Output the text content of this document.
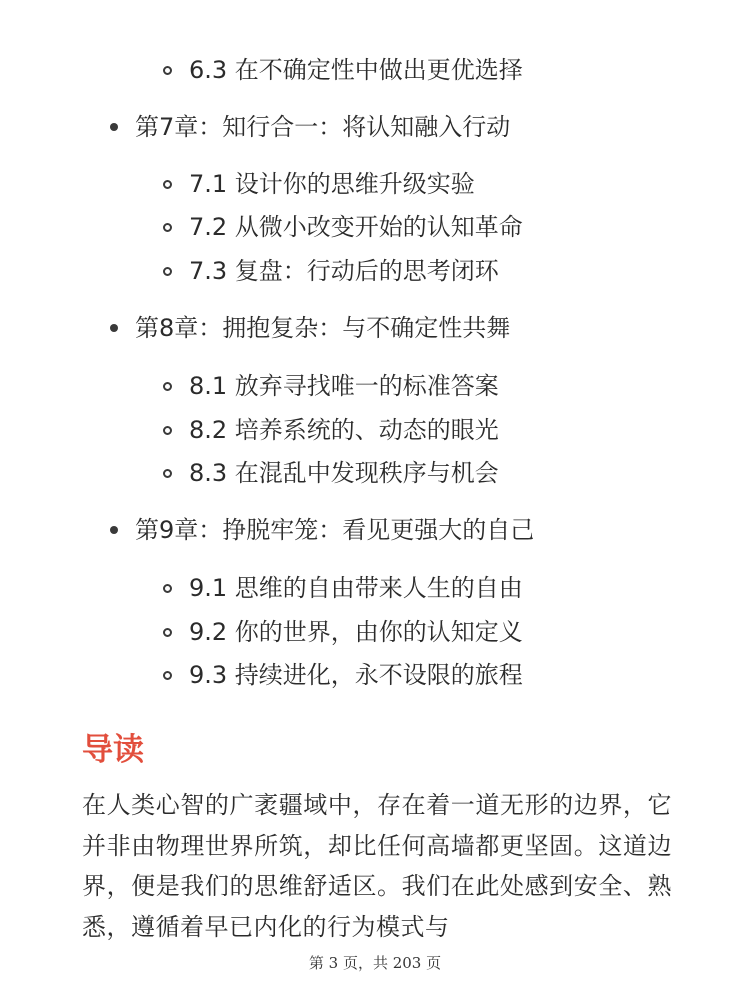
6.3 在不确定性中做出更优选择
第7章：知行合一：将认知融入行动
7.1 设计你的思维升级实验
7.2 从微小改变开始的认知革命
7.3 复盘：行动后的思考闭环
第8章：拥抱复杂：与不确定性共舞
8.1 放弃寻找唯一的标准答案
8.2 培养系统的、动态的眼光
8.3 在混乱中发现秩序与机会
第9章：挣脱牢笼：看见更强大的自己
9.1 思维的自由带来人生的自由
9.2 你的世界，由你的认知定义
9.3 持续进化，永不设限的旅程
导读
在人类心智的广袤疆域中，存在着一道无形的边界，它并非由物理世界所筑，却比任何高墙都更坚固。这道边界，便是我们的思维舒适区。我们在此处感到安全、熟悉，遵循着早已内化的行为模式与
第 3 页，共 203 页
